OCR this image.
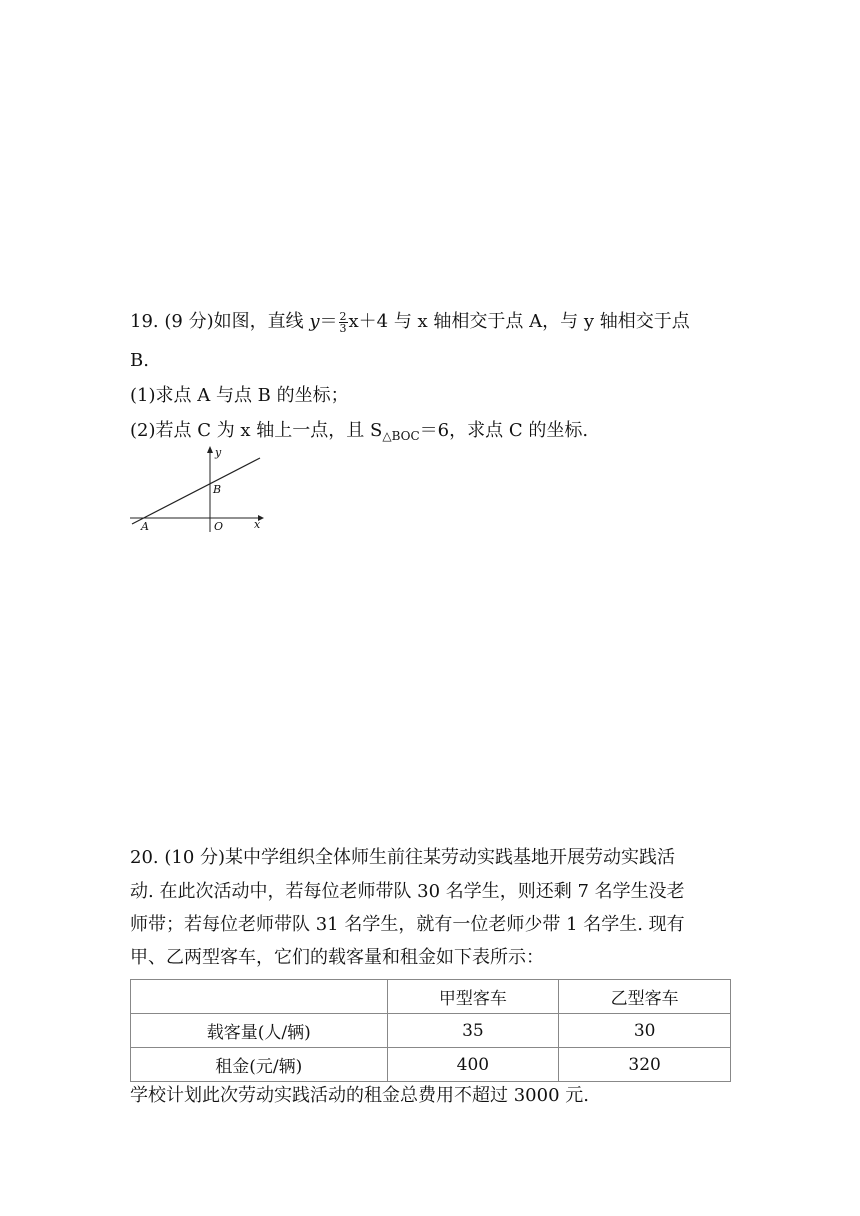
19. (9 分)如图，直线 $y= \frac{2}{3} x+4$ 与 x 轴相交于点 A，与 y 轴相交于点
B.
(1)求点 A 与点 B 的坐标；
(2)若点 C 为 x 轴上一点，且 $S_{\triangle BOC}=6$，求点 C 的坐标.
y
x
A
B
O
20. (10 分)某中学组织全体师生前往某劳动实践基地开展劳动实践活
动. 在此次活动中，若每位老师带队 30 名学生，则还剩 7 名学生没老
师带；若每位老师带队 31 名学生，就有一位老师少带 1 名学生. 现有
甲、乙两型客车，它们的载客量和租金如下表所示：
	甲型客车	乙型客车
载客量(人/辆)	35	30
租金(元/辆)	400	320
学校计划此次劳动实践活动的租金总费用不超过 3000 元.
